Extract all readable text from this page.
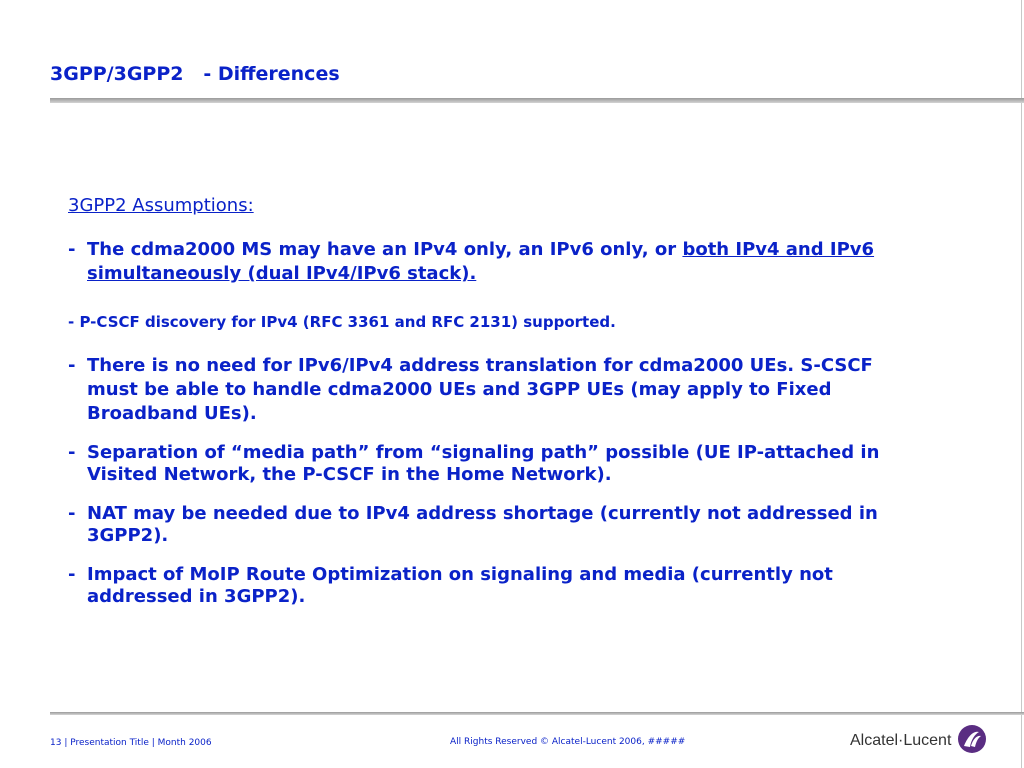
3GPP/3GPP2   - Differences
3GPP2 Assumptions:
- The cdma2000 MS may have an IPv4 only, an IPv6 only, or both IPv4 and IPv6
simultaneously (dual IPv4/IPv6 stack).
- P-CSCF discovery for IPv4 (RFC 3361 and RFC 2131) supported.
- There is no need for IPv6/IPv4 address translation for cdma2000 UEs. S-CSCF
must be able to handle cdma2000 UEs and 3GPP UEs (may apply to Fixed
Broadband UEs).
- Separation of “media path” from “signaling path” possible (UE IP-attached in
Visited Network, the P-CSCF in the Home Network).
- NAT may be needed due to IPv4 address shortage (currently not addressed in
3GPP2).
- Impact of MoIP Route Optimization on signaling and media (currently not
addressed in 3GPP2).
13 | Presentation Title | Month 2006	All Rights Reserved © Alcatel-Lucent 2006, #####	Alcatel·Lucent
